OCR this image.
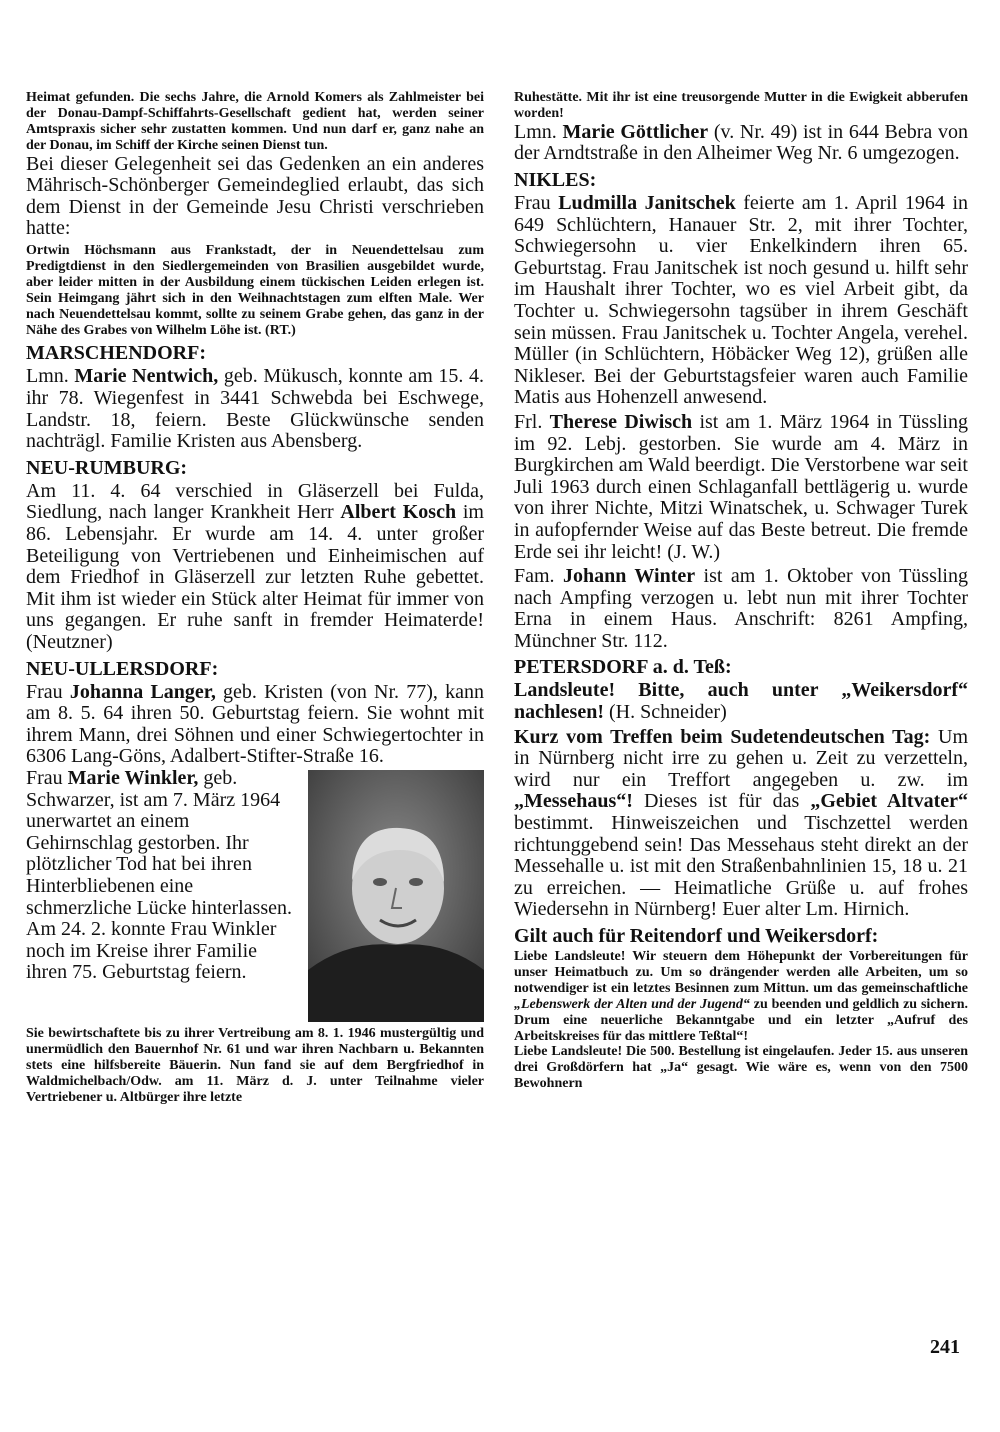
Heimat gefunden. Die sechs Jahre, die Arnold Komers als Zahlmeister bei der Donau-Dampf-Schiffahrts-Gesellschaft gedient hat, werden seiner Amtspraxis sicher sehr zustatten kommen. Und nun darf er, ganz nahe an der Donau, im Schiff der Kirche seinen Dienst tun.

Bei dieser Gelegenheit sei das Gedenken an ein anderes Mährisch-Schönberger Gemeindeglied erlaubt, das sich dem Dienst in der Gemeinde Jesu Christi verschrieben hatte:

Ortwin Höchsmann aus Frankstadt, der in Neuendettelsau zum Predigtdienst in den Siedlergemeinden von Brasilien ausgebildet wurde, aber leider mitten in der Ausbildung einem tückischen Leiden erlegen ist. Sein Heimgang jährt sich in den Weihnachtstagen zum elften Male. Wer nach Neuendettelsau kommt, sollte zu seinem Grabe gehen, das ganz in der Nähe des Grabes von Wilhelm Löhe ist. (RT.)

MARSCHENDORF:

Lmn. Marie Nentwich, geb. Mükusch, konnte am 15. 4. ihr 78. Wiegenfest in 3441 Schwebda bei Eschwege, Landstr. 18, feiern. Beste Glückwünsche senden nachträgl. Familie Kristen aus Abensberg.

NEU-RUMBURG:

Am 11. 4. 64 verschied in Gläserzell bei Fulda, Siedlung, nach langer Krankheit Herr Albert Kosch im 86. Lebensjahr. Er wurde am 14. 4. unter großer Beteiligung von Vertriebenen und Einheimischen auf dem Friedhof in Gläserzell zur letzten Ruhe gebettet. Mit ihm ist wieder ein Stück alter Heimat für immer von uns gegangen. Er ruhe sanft in fremder Heimaterde! (Neutzner)

NEU-ULLERSDORF:

Frau Johanna Langer, geb. Kristen (von Nr. 77), kann am 8. 5. 64 ihren 50. Geburtstag feiern. Sie wohnt mit ihrem Mann, drei Söhnen und einer Schwiegertochter in 6306 Lang-Göns, Adalbert-Stifter-Straße 16.

Frau Marie Winkler, geb. Schwarzer, ist am 7. März 1964 unerwartet an einem Gehirnschlag gestorben. Ihr plötzlicher Tod hat bei ihren Hinterbliebenen eine schmerzliche Lücke hinterlassen. Am 24. 2. konnte Frau Winkler noch im Kreise ihrer Familie ihren 75. Geburtstag feiern.

Sie bewirtschaftete bis zu ihrer Vertreibung am 8. 1. 1946 mustergültig und unermüdlich den Bauernhof Nr. 61 und war ihren Nachbarn u. Bekannten stets eine hilfsbereite Bäuerin. Nun fand sie auf dem Bergfriedhof in Waldmichelbach/Odw. am 11. März d. J. unter Teilnahme vieler Vertriebener u. Altbürger ihre letzte

Ruhestätte. Mit ihr ist eine treusorgende Mutter in die Ewigkeit abberufen worden!

Lmn. Marie Göttlicher (v. Nr. 49) ist in 644 Bebra von der Arndtstraße in den Alheimer Weg Nr. 6 umgezogen.

NIKLES:

Frau Ludmilla Janitschek feierte am 1. April 1964 in 649 Schlüchtern, Hanauer Str. 2, mit ihrer Tochter, Schwiegersohn u. vier Enkelkindern ihren 65. Geburtstag. Frau Janitschek ist noch gesund u. hilft sehr im Haushalt ihrer Tochter, wo es viel Arbeit gibt, da Tochter u. Schwiegersohn tagsüber in ihrem Geschäft sein müssen. Frau Janitschek u. Tochter Angela, verehel. Müller (in Schlüchtern, Höbäcker Weg 12), grüßen alle Nikleser. Bei der Geburtstagsfeier waren auch Familie Matis aus Hohenzell anwesend.

Frl. Therese Diwisch ist am 1. März 1964 in Tüssling im 92. Lebj. gestorben. Sie wurde am 4. März in Burgkirchen am Wald beerdigt. Die Verstorbene war seit Juli 1963 durch einen Schlaganfall bettlägerig u. wurde von ihrer Nichte, Mitzi Winatschek, u. Schwager Turek in aufopfernder Weise auf das Beste betreut. Die fremde Erde sei ihr leicht! (J. W.)

Fam. Johann Winter ist am 1. Oktober von Tüssling nach Ampfing verzogen u. lebt nun mit ihrer Tochter Erna in einem Haus. Anschrift: 8261 Ampfing, Münchner Str. 112.

PETERSDORF a. d. Teß:

Landsleute! Bitte, auch unter „Weikersdorf“ nachlesen! (H. Schneider)

Kurz vom Treffen beim Sudetendeutschen Tag: Um in Nürnberg nicht irre zu gehen u. Zeit zu verzetteln, wird nur ein Treffort angegeben u. zw. im „Messehaus“! Dieses ist für das „Gebiet Altvater“ bestimmt. Hinweiszeichen und Tischzettel werden richtunggebend sein! Das Messehaus steht direkt an der Messehalle u. ist mit den Straßenbahnlinien 15, 18 u. 21 zu erreichen. — Heimatliche Grüße u. auf frohes Wiedersehn in Nürnberg! Euer alter Lm. Hirnich.

Gilt auch für Reitendorf und Weikersdorf:

Liebe Landsleute! Wir steuern dem Höhepunkt der Vorbereitungen für unser Heimatbuch zu. Um so drängender werden alle Arbeiten, um so notwendiger ist ein letztes Besinnen zum Mittun. um das gemeinschaftliche „Lebenswerk der Alten und der Jugend“ zu beenden und geldlich zu sichern. Drum eine neuerliche Bekanntgabe und ein letzter „Aufruf des Arbeitskreises für das mittlere Teßtal“!

Liebe Landsleute! Die 500. Bestellung ist eingelaufen. Jeder 15. aus unseren drei Großdörfern hat „Ja“ gesagt. Wie wäre es, wenn von den 7500 Bewohnern

241
